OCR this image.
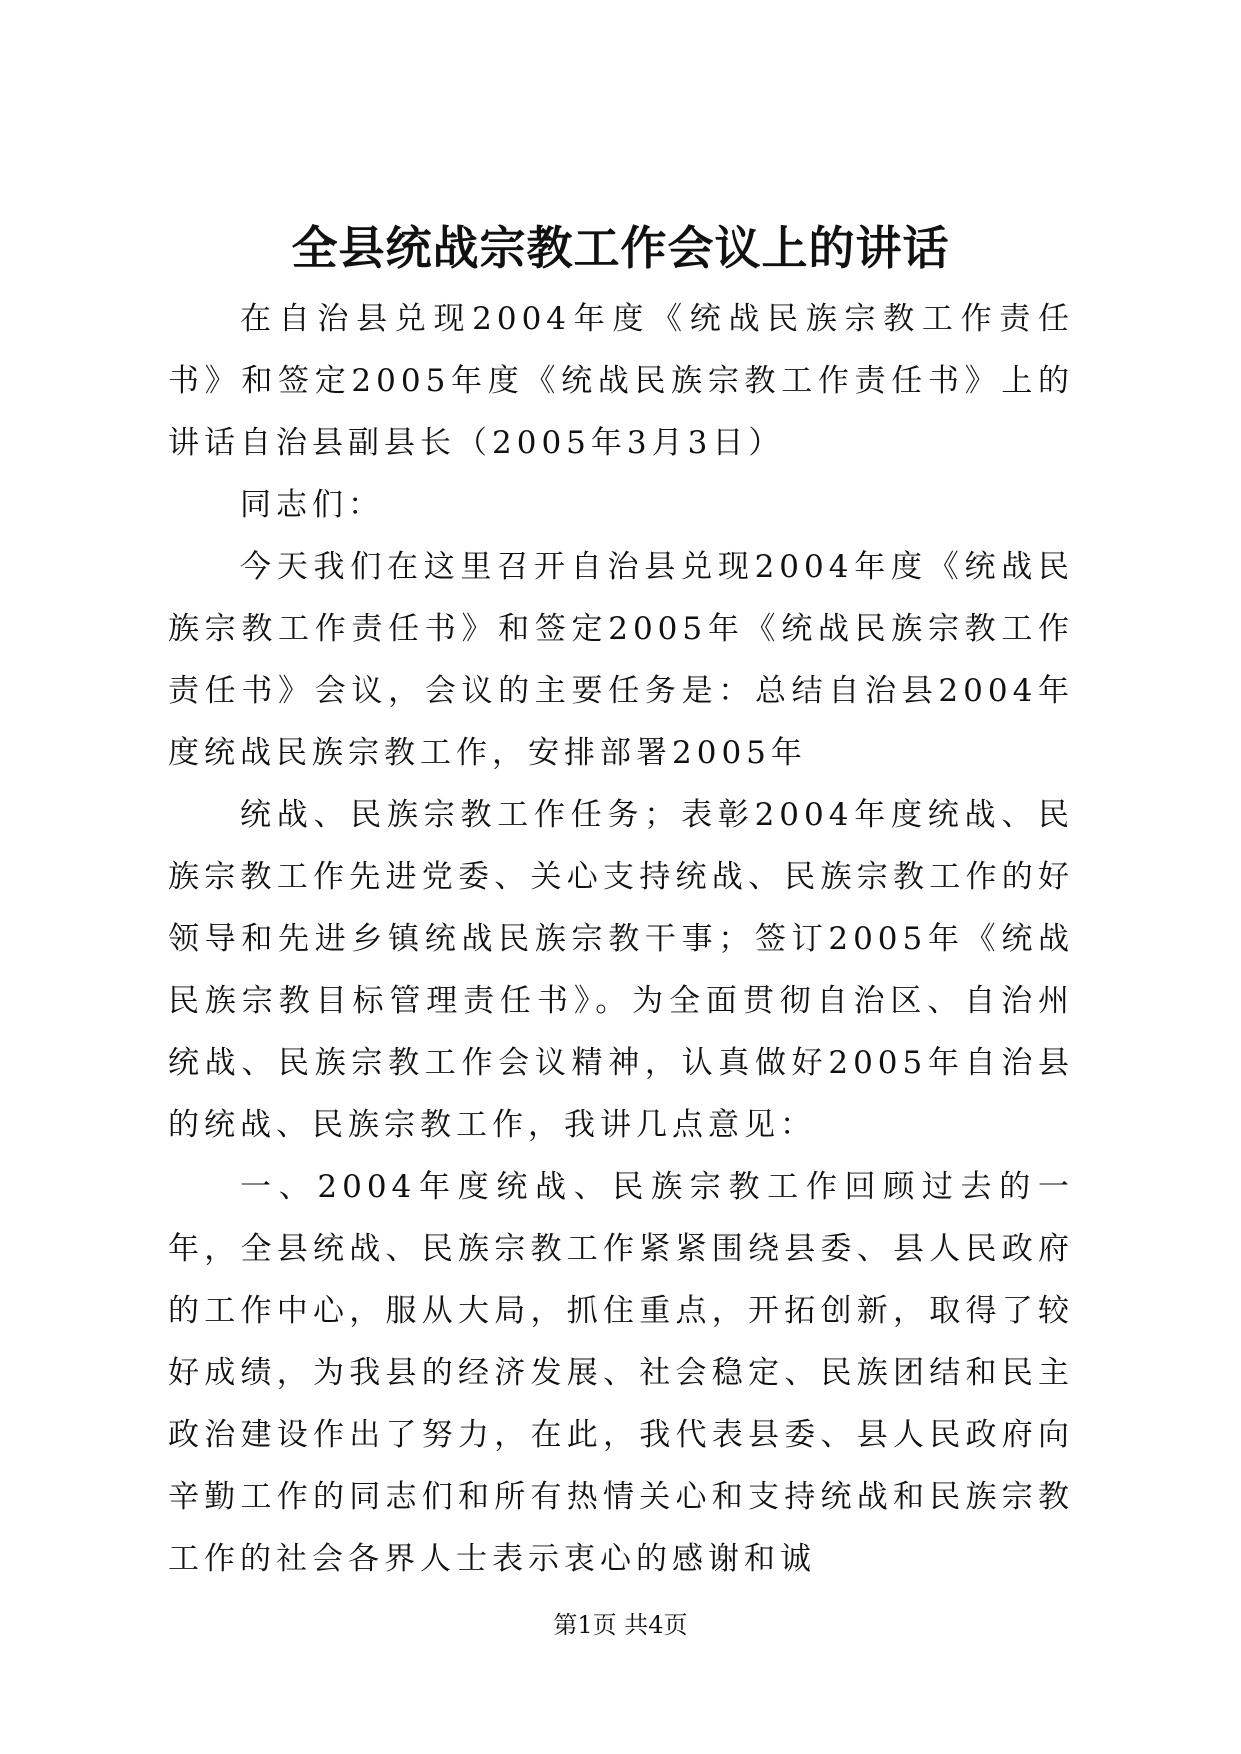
全县统战宗教工作会议上的讲话

在自治县兑现2004年度《统战民族宗教工作责任书》和签定2005年度《统战民族宗教工作责任书》上的讲话自治县副县长（2005年3月3日）

同志们：

今天我们在这里召开自治县兑现2004年度《统战民族宗教工作责任书》和签定2005年《统战民族宗教工作责任书》会议，会议的主要任务是：总结自治县2004年度统战民族宗教工作，安排部署2005年

统战、民族宗教工作任务；表彰2004年度统战、民族宗教工作先进党委、关心支持统战、民族宗教工作的好领导和先进乡镇统战民族宗教干事；签订2005年《统战民族宗教目标管理责任书》。为全面贯彻自治区、自治州统战、民族宗教工作会议精神，认真做好2005年自治县的统战、民族宗教工作，我讲几点意见：

一、2004年度统战、民族宗教工作回顾过去的一年，全县统战、民族宗教工作紧紧围绕县委、县人民政府的工作中心，服从大局，抓住重点，开拓创新，取得了较好成绩，为我县的经济发展、社会稳定、民族团结和民主政治建设作出了努力，在此，我代表县委、县人民政府向辛勤工作的同志们和所有热情关心和支持统战和民族宗教工作的社会各界人士表示衷心的感谢和诚

第1页 共4页
